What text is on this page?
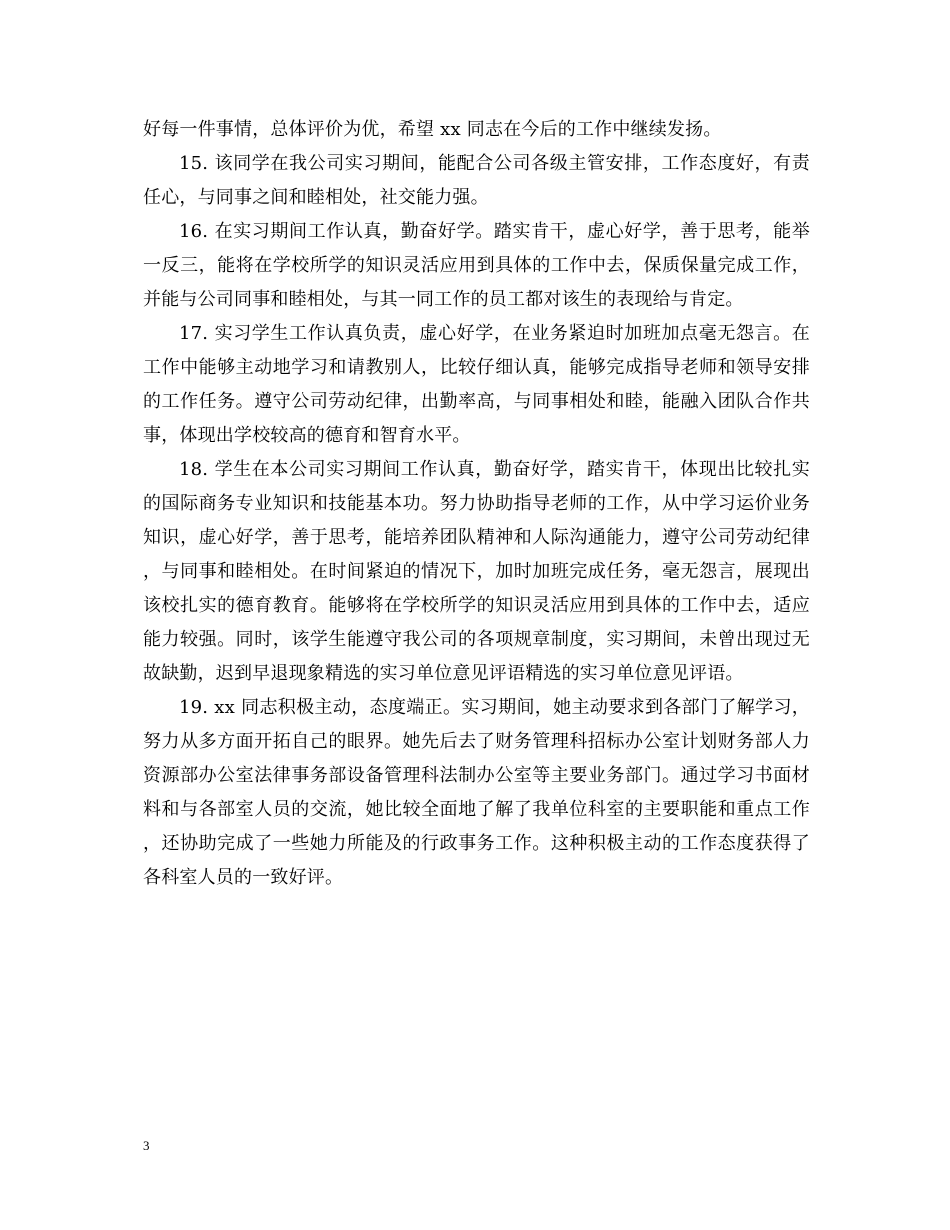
好每一件事情，总体评价为优，希望 xx 同志在今后的工作中继续发扬。

15. 该同学在我公司实习期间，能配合公司各级主管安排，工作态度好，有责任心，与同事之间和睦相处，社交能力强。

16. 在实习期间工作认真，勤奋好学。踏实肯干，虚心好学，善于思考，能举一反三，能将在学校所学的知识灵活应用到具体的工作中去，保质保量完成工作，并能与公司同事和睦相处，与其一同工作的员工都对该生的表现给与肯定。

17. 实习学生工作认真负责，虚心好学，在业务紧迫时加班加点毫无怨言。在工作中能够主动地学习和请教别人，比较仔细认真，能够完成指导老师和领导安排的工作任务。遵守公司劳动纪律，出勤率高，与同事相处和睦，能融入团队合作共事，体现出学校较高的德育和智育水平。

18. 学生在本公司实习期间工作认真，勤奋好学，踏实肯干，体现出比较扎实的国际商务专业知识和技能基本功。努力协助指导老师的工作，从中学习运价业务知识，虚心好学，善于思考，能培养团队精神和人际沟通能力，遵守公司劳动纪律，与同事和睦相处。在时间紧迫的情况下，加时加班完成任务，毫无怨言，展现出该校扎实的德育教育。能够将在学校所学的知识灵活应用到具体的工作中去，适应能力较强。同时，该学生能遵守我公司的各项规章制度，实习期间，未曾出现过无故缺勤，迟到早退现象精选的实习单位意见评语精选的实习单位意见评语。

19. xx 同志积极主动，态度端正。实习期间，她主动要求到各部门了解学习，努力从多方面开拓自己的眼界。她先后去了财务管理科招标办公室计划财务部人力资源部办公室法律事务部设备管理科法制办公室等主要业务部门。通过学习书面材料和与各部室人员的交流，她比较全面地了解了我单位科室的主要职能和重点工作，还协助完成了一些她力所能及的行政事务工作。这种积极主动的工作态度获得了各科室人员的一致好评。

3
